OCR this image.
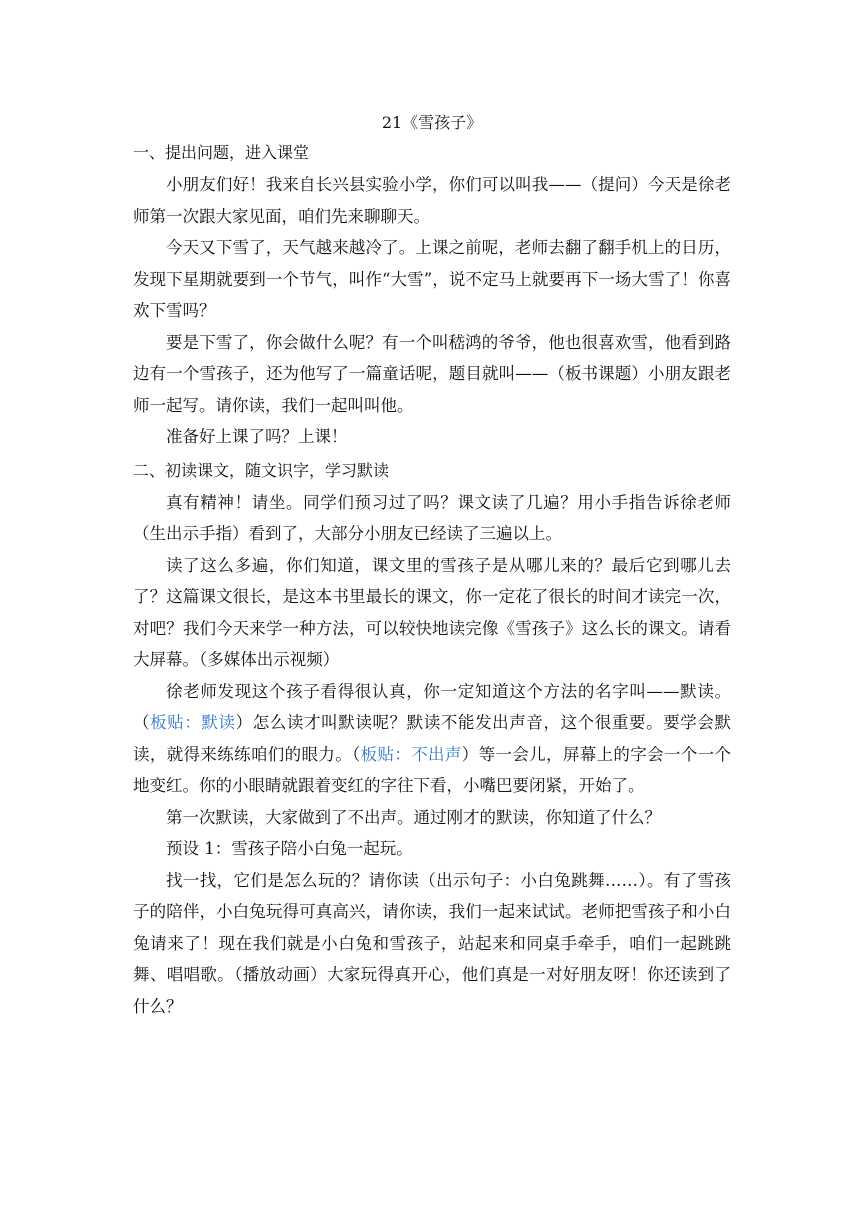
21《雪孩子》
一、提出问题，进入课堂

小朋友们好！我来自长兴县实验小学，你们可以叫我——（提问）今天是徐老师第一次跟大家见面，咱们先来聊聊天。

今天又下雪了，天气越来越冷了。上课之前呢，老师去翻了翻手机上的日历，发现下星期就要到一个节气，叫作“大雪”，说不定马上就要再下一场大雪了！你喜欢下雪吗？

要是下雪了，你会做什么呢？有一个叫嵇鸿的爷爷，他也很喜欢雪，他看到路边有一个雪孩子，还为他写了一篇童话呢，题目就叫——（板书课题）小朋友跟老师一起写。请你读，我们一起叫叫他。

准备好上课了吗？上课！

二、初读课文，随文识字，学习默读

真有精神！请坐。同学们预习过了吗？课文读了几遍？用小手指告诉徐老师（生出示手指）看到了，大部分小朋友已经读了三遍以上。

读了这么多遍，你们知道，课文里的雪孩子是从哪儿来的？最后它到哪儿去了？这篇课文很长，是这本书里最长的课文，你一定花了很长的时间才读完一次，对吧？我们今天来学一种方法，可以较快地读完像《雪孩子》这么长的课文。请看大屏幕。（多媒体出示视频）

徐老师发现这个孩子看得很认真，你一定知道这个方法的名字叫——默读。（板贴：默读）怎么读才叫默读呢？默读不能发出声音，这个很重要。要学会默读，就得来练练咱们的眼力。（板贴：不出声）等一会儿，屏幕上的字会一个一个地变红。你的小眼睛就跟着变红的字往下看，小嘴巴要闭紧，开始了。

第一次默读，大家做到了不出声。通过刚才的默读，你知道了什么？

预设 1：雪孩子陪小白兔一起玩。

找一找，它们是怎么玩的？请你读（出示句子：小白兔跳舞……）。有了雪孩子的陪伴，小白兔玩得可真高兴，请你读，我们一起来试试。老师把雪孩子和小白兔请来了！现在我们就是小白兔和雪孩子，站起来和同桌手牵手，咱们一起跳跳舞、唱唱歌。（播放动画）大家玩得真开心，他们真是一对好朋友呀！你还读到了什么？
